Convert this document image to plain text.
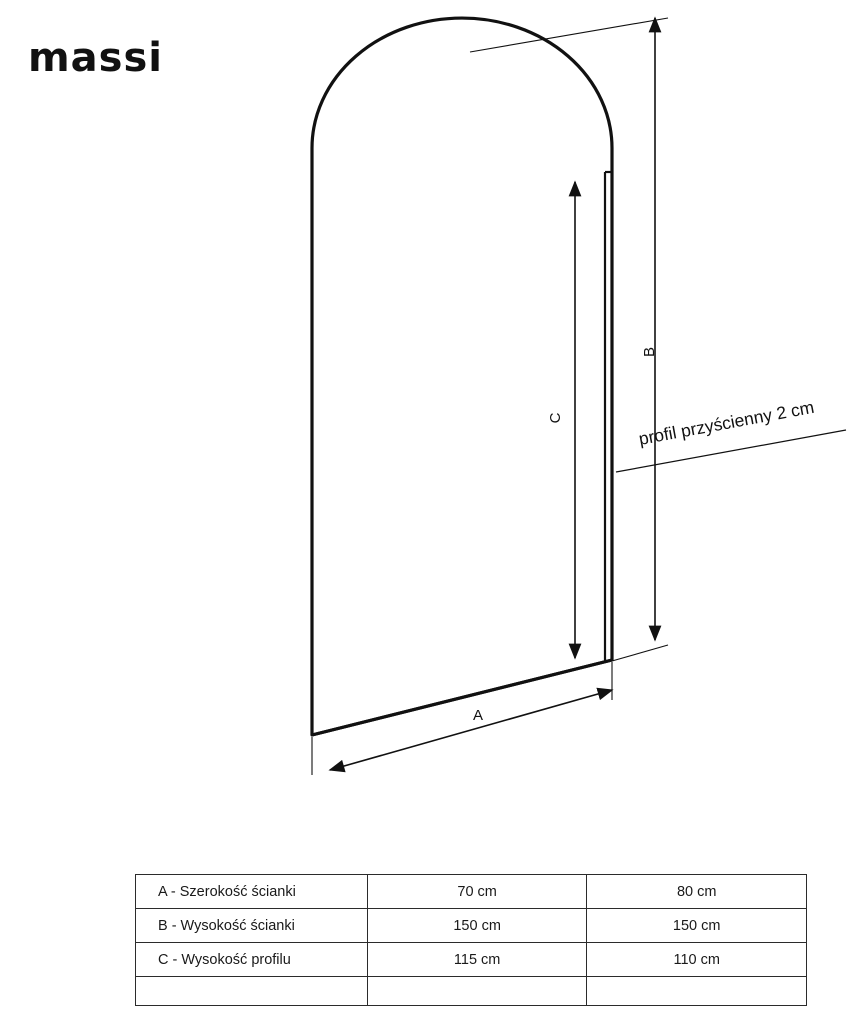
massi
B
C
A
profil przyścienny 2 cm
A - Szerokość ścianki	70 cm	80 cm
B - Wysokość ścianki	150 cm	150 cm
C - Wysokość profilu	115 cm	110 cm
